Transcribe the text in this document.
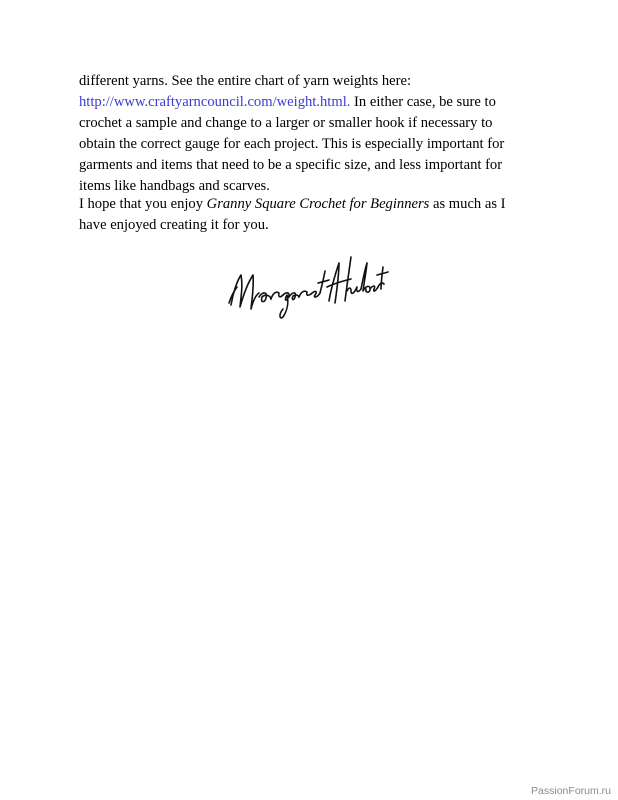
different yarns. See the entire chart of yarn weights here:
http://www.craftyarncouncil.com/weight.html. In either case, be sure to
crochet a sample and change to a larger or smaller hook if necessary to
obtain the correct gauge for each project. This is especially important for
garments and items that need to be a specific size, and less important for
items like handbags and scarves.

I hope that you enjoy Granny Square Crochet for Beginners as much as I
have enjoyed creating it for you.

PassionForum.ru
